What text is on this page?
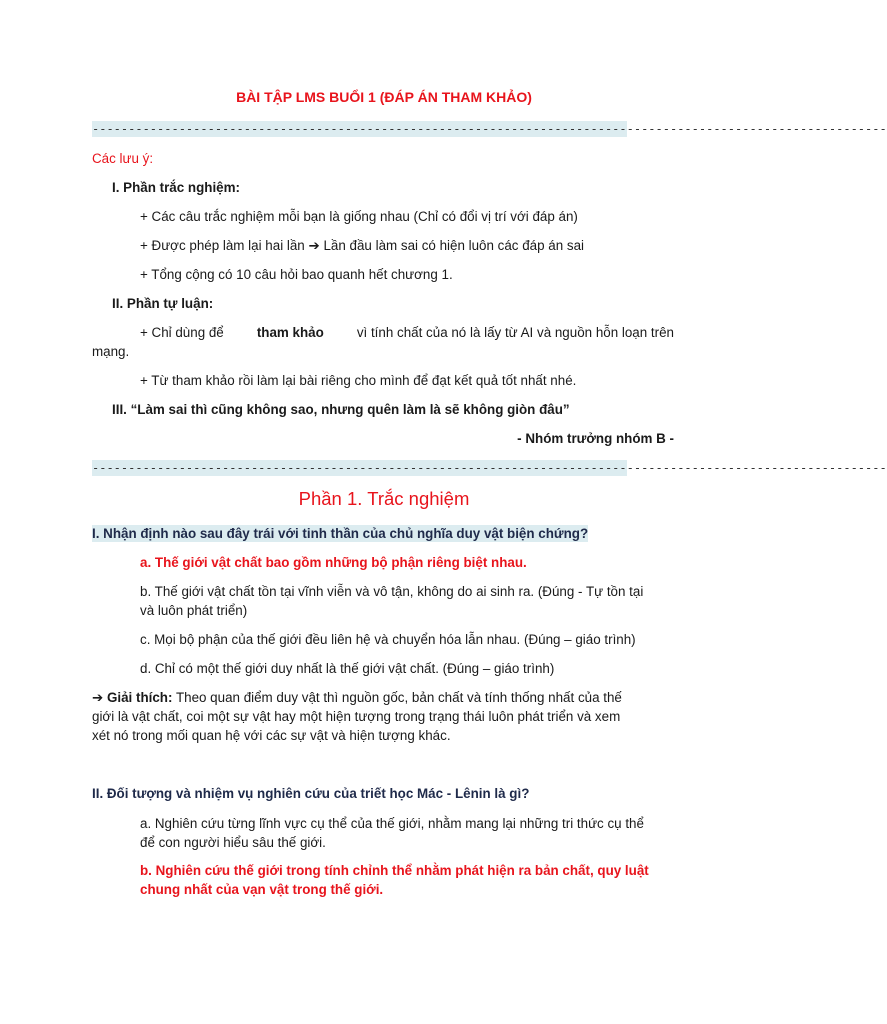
BÀI TẬP LMS BUỔI 1 (ĐÁP ÁN THAM KHẢO)
--------------------------------------------------------------------------------------------------------------
Các lưu ý:
I. Phần trắc nghiệm:
+ Các câu trắc nghiệm mỗi bạn là giống nhau (Chỉ có đổi vị trí với đáp án)
+ Được phép làm lại hai lần ➔ Lần đầu làm sai có hiện luôn các đáp án sai
+ Tổng cộng có 10 câu hỏi bao quanh hết chương 1.
II. Phần tự luận:
+ Chỉ dùng để tham khảo vì tính chất của nó là lấy từ AI và nguồn hỗn loạn trên
mạng.
+ Từ tham khảo rồi làm lại bài riêng cho mình để đạt kết quả tốt nhất nhé.
III. “Làm sai thì cũng không sao, nhưng quên làm là sẽ không giòn đâu”
- Nhóm trưởng nhóm B -
--------------------------------------------------------------------------------------------------------------
Phần 1. Trắc nghiệm
I. Nhận định nào sau đây trái với tinh thần của chủ nghĩa duy vật biện chứng?
a. Thế giới vật chất bao gồm những bộ phận riêng biệt nhau.
b. Thế giới vật chất tồn tại vĩnh viễn và vô tận, không do ai sinh ra. (Đúng - Tự tồn tại
và luôn phát triển)
c. Mọi bộ phận của thế giới đều liên hệ và chuyển hóa lẫn nhau. (Đúng – giáo trình)
d. Chỉ có một thế giới duy nhất là thế giới vật chất. (Đúng – giáo trình)
➔ Giải thích: Theo quan điểm duy vật thì nguồn gốc, bản chất và tính thống nhất của thế
giới là vật chất, coi một sự vật hay một hiện tượng trong trạng thái luôn phát triển và xem
xét nó trong mối quan hệ với các sự vật và hiện tượng khác.
II. Đối tượng và nhiệm vụ nghiên cứu của triết học Mác - Lênin là gì?
a. Nghiên cứu từng lĩnh vực cụ thể của thế giới, nhằm mang lại những tri thức cụ thể
để con người hiểu sâu thế giới.
b. Nghiên cứu thế giới trong tính chỉnh thể nhằm phát hiện ra bản chất, quy luật
chung nhất của vạn vật trong thế giới.
